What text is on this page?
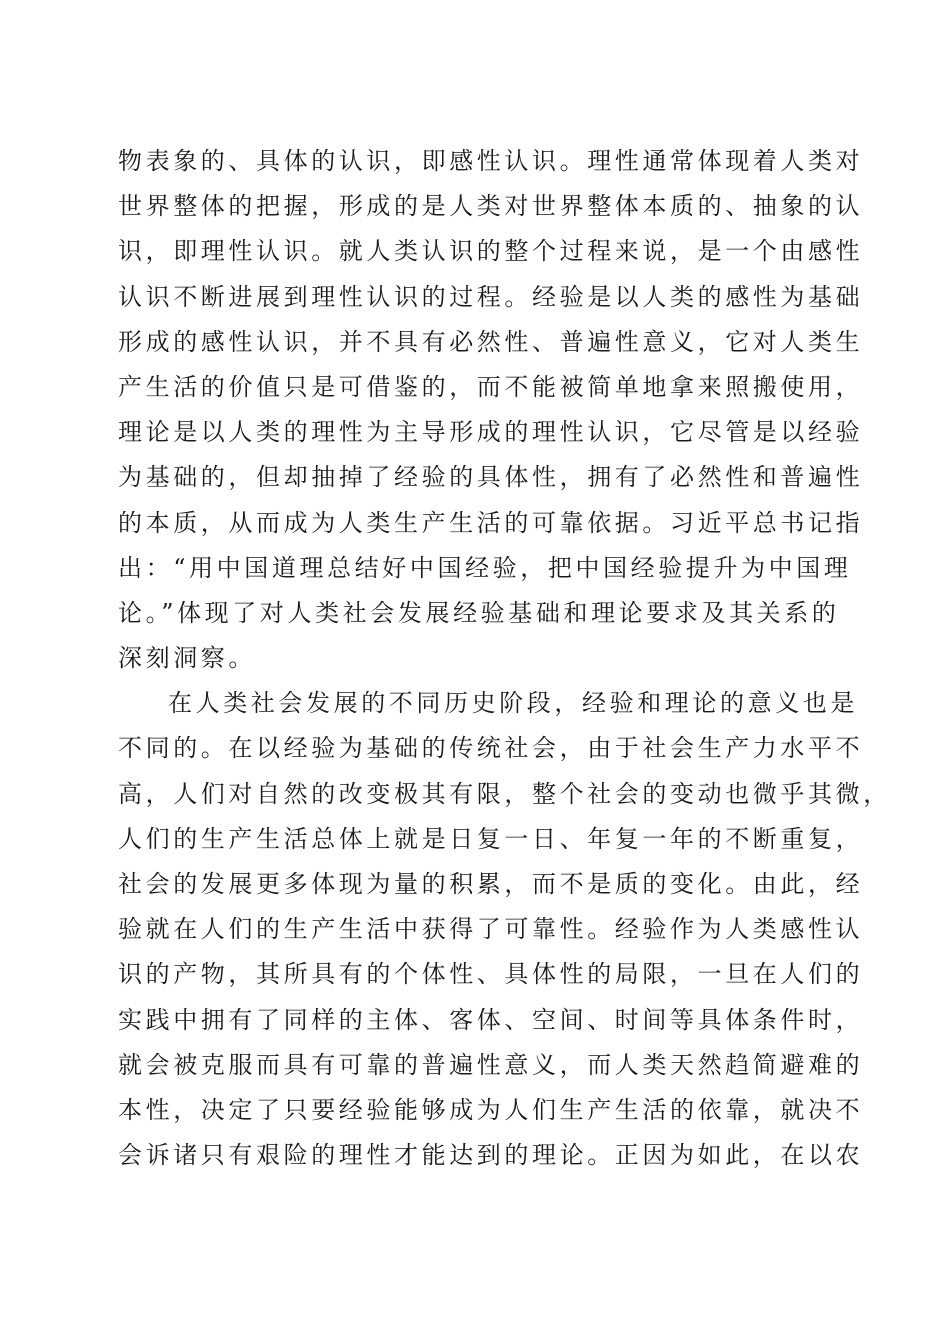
物表象的、具体的认识，即感性认识。理性通常体现着人类对
世界整体的把握，形成的是人类对世界整体本质的、抽象的认
识，即理性认识。就人类认识的整个过程来说，是一个由感性
认识不断进展到理性认识的过程。经验是以人类的感性为基础
形成的感性认识，并不具有必然性、普遍性意义，它对人类生
产生活的价值只是可借鉴的，而不能被简单地拿来照搬使用，
理论是以人类的理性为主导形成的理性认识，它尽管是以经验
为基础的，但却抽掉了经验的具体性，拥有了必然性和普遍性
的本质，从而成为人类生产生活的可靠依据。习近平总书记指
出：“用中国道理总结好中国经验，把中国经验提升为中国理
论。”体现了对人类社会发展经验基础和理论要求及其关系的
深刻洞察。
在人类社会发展的不同历史阶段，经验和理论的意义也是
不同的。在以经验为基础的传统社会，由于社会生产力水平不
高，人们对自然的改变极其有限，整个社会的变动也微乎其微，
人们的生产生活总体上就是日复一日、年复一年的不断重复，
社会的发展更多体现为量的积累，而不是质的变化。由此，经
验就在人们的生产生活中获得了可靠性。经验作为人类感性认
识的产物，其所具有的个体性、具体性的局限，一旦在人们的
实践中拥有了同样的主体、客体、空间、时间等具体条件时，
就会被克服而具有可靠的普遍性意义，而人类天然趋简避难的
本性，决定了只要经验能够成为人们生产生活的依靠，就决不
会诉诸只有艰险的理性才能达到的理论。正因为如此，在以农
